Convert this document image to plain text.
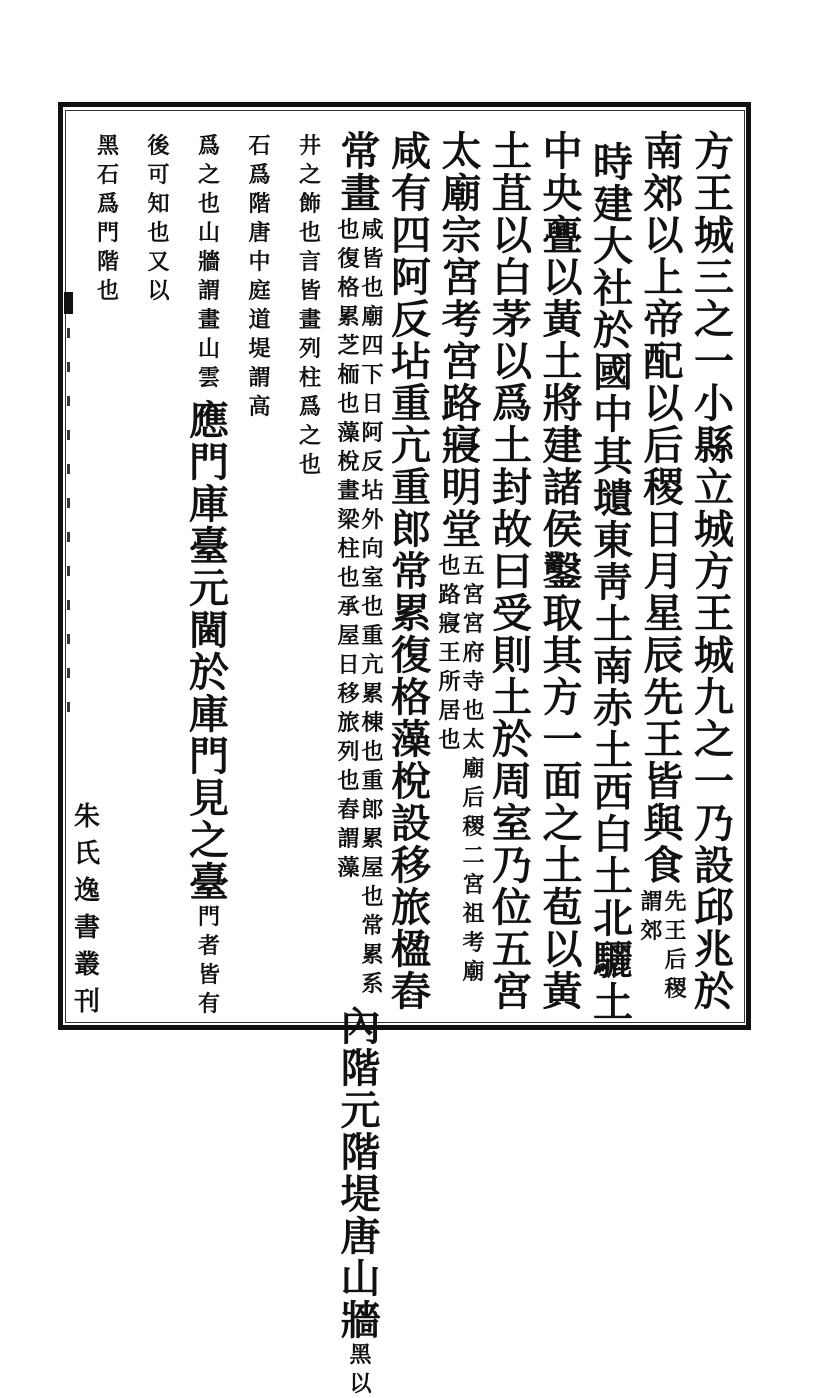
方
王
城
三
之
一
小
縣
立
城
方
王
城
九
之
一
乃
設
邱
兆
於
南
郊
以
上
帝
配
以
后
稷
日
月
星
辰
先
王
皆
與
食
先
王
后
稷
謂
郊
時
建
大
社
於
國
中
其
壝
東
靑
土
南
赤
土
西
白
土
北
驪
土
中
央
亹
以
黃
土
將
建
諸
侯
鑿
取
其
方
一
面
之
土
苞
以
黃
土
苴
以
白
茅
以
爲
土
封
故
曰
受
則
土
於
周
室
乃
位
五
宮
太
廟
宗
宮
考
宮
路
寢
明
堂
五
宮
宮
府
寺
也
太
廟
后
稷
二
宮
祖
考
廟
也
路
寢
王
所
居
也
咸
有
四
阿
反
坫
重
亢
重
郎
常
累
復
格
藻
梲
設
移
旅
楹
舂
常
畫
咸
皆
也
廟
四
下
日
阿
反
坫
外
向
室
也
重
亢
累
棟
也
重
郎
累
屋
也
常
累
系
也
復
格
累
芝
栭
也
藻
梲
畫
梁
柱
也
承
屋
日
移
旅
列
也
舂
謂
藻
內
階
元
階
堤
唐
山
牆
黑
以
井
之
飾
也
言
皆
畫
列
柱
爲
之
也
石
爲
階
唐
中
庭
道
堤
謂
高
爲
之
也
山
牆
謂
畫
山
雲
應
門
庫
臺
元
閫
於
庫
門
見
之
臺
門
者
皆
有
後
可
知
也
又
以
黑
石
爲
門
階
也
朱
氏
逸
書
叢
刊
